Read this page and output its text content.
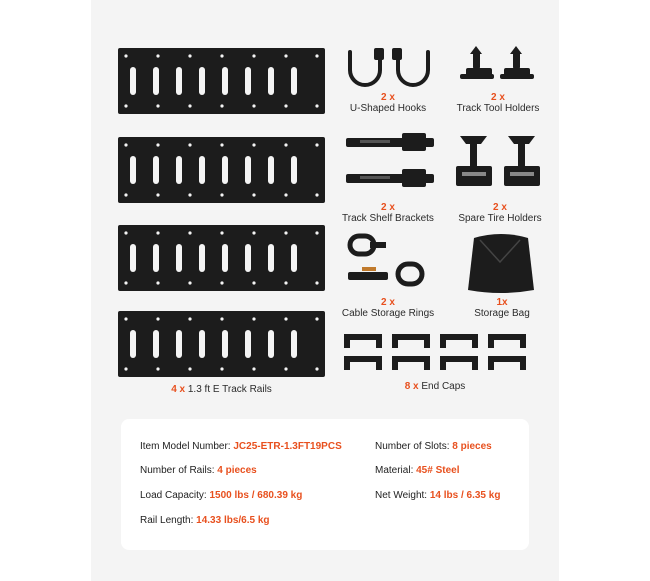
4 x 1.3 ft E Track Rails
2 x
U-Shaped Hooks
2 x
Track Tool Holders
2 x
Track Shelf Brackets
2 x
Spare Tire Holders
2 x
Cable Storage Rings
1x
Storage Bag
8 x End Caps
Item Model Number: JC25-ETR-1.3FT19PCS	Number of Slots: 8 pieces
Number of Rails: 4 pieces	Material: 45# Steel
Load Capacity: 1500 lbs / 680.39 kg	Net Weight: 14 lbs / 6.35 kg
Rail Length: 14.33 lbs/6.5 kg
